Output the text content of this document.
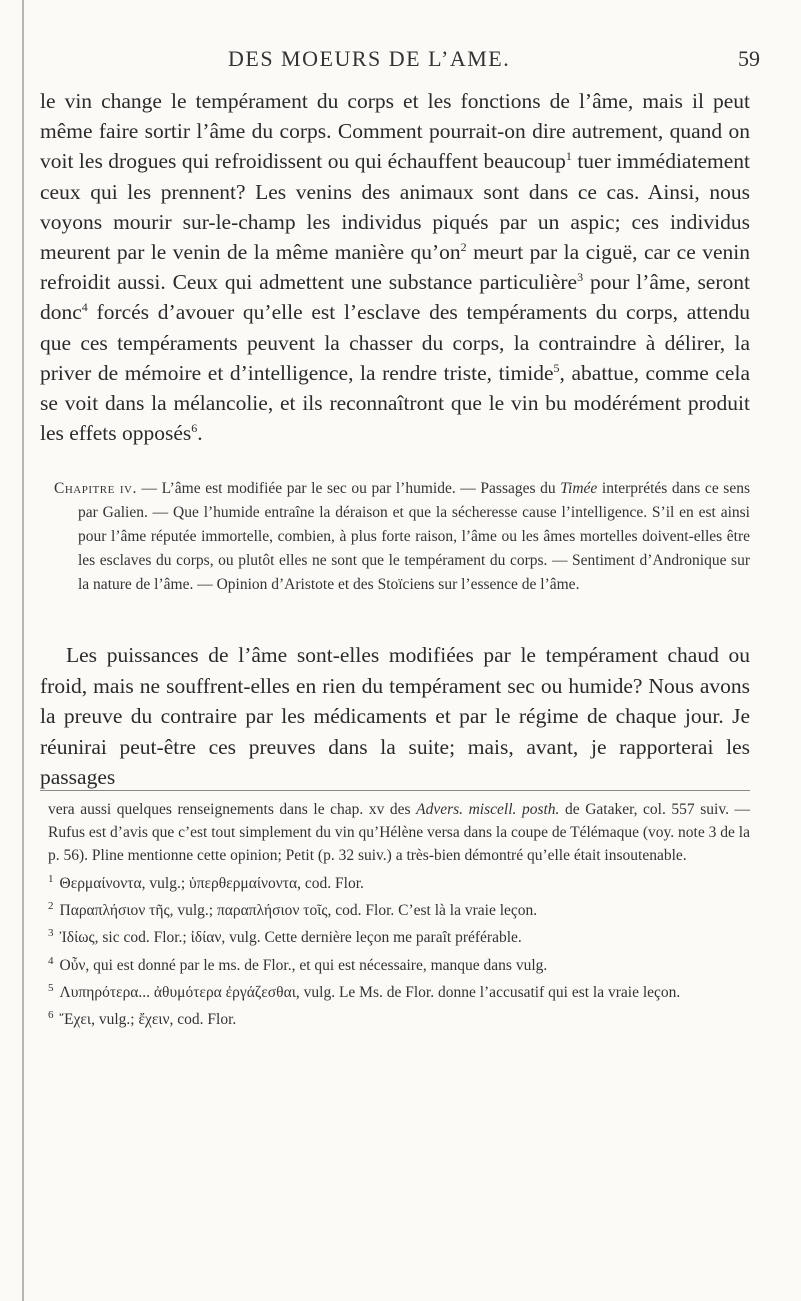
DES MOEURS DE L’AME.	59

le vin change le tempérament du corps et les fonctions de l’âme, mais il peut même faire sortir l’âme du corps. Comment pourrait-on dire autrement, quand on voit les drogues qui refroidissent ou qui échauffent beaucoup$^1$ tuer immédiatement ceux qui les prennent? Les venins des animaux sont dans ce cas. Ainsi, nous voyons mourir sur-le-champ les individus piqués par un aspic; ces individus meurent par le venin de la même manière $qu’on^2$ meurt par la ciguë, car ce venin refroidit aussi. Ceux qui admettent une substance particulière$^3$ pour l’âme, seront donc$^4$ forcés d’avouer qu’elle est l’esclave des tempéraments du corps, attendu que ces tempéraments peuvent la chasser du corps, la contraindre à délirer, la priver de mémoire et d’intelligence, la rendre triste, timide$^5$, abattue, comme cela se voit dans la mélancolie, et ils reconnaîtront que le vin bu modérément produit les effets opposés$^6$.

Chapitre iv. — L’âme est modifiée par le sec ou par l’humide. — Passages du Timée interprétés dans ce sens par Galien. — Que l’humide entraîne la déraison et que la sécheresse cause l’intelligence. S’il en est ainsi pour l’âme réputée immortelle, combien, à plus forte raison, l’âme ou les âmes mortelles doivent-elles être les esclaves du corps, ou plutôt elles ne sont que le tempérament du corps. — Sentiment d’Andronique sur la nature de l’âme. — Opinion d’Aristote et des Stoïciens sur l’essence de l’âme.

Les puissances de l’âme sont-elles modifiées par le tempérament chaud ou froid, mais ne souffrent-elles en rien du tempérament sec ou humide? Nous avons la preuve du contraire par les médicaments et par le régime de chaque jour. Je réunirai peut-être ces preuves dans la suite; mais, avant, je rapporterai les passages

vera aussi quelques renseignements dans le chap. xv des Advers. miscell. posth. de Gataker, col. 557 suiv. — Rufus est d’avis que c’est tout simplement du vin qu’Hélène versa dans la coupe de Télémaque (voy. note 3 de la p. 56). Pline mentionne cette opinion; Petit (p. 32 suiv.) a très-bien démontré qu’elle était insoutenable.

$^1$ Θερμαίνοντα, vulg.; ὑπερθερμαίνοντα, cod. Flor.

$^2$ Παραπλήσιον τῆς, vulg.; παραπλήσιον τοῖς, cod. Flor. C’est là la vraie leçon.

$^3$ Ἰδίως, sic cod. Flor.; ἰδίαν, vulg. Cette dernière leçon me paraît préférable.

$^4$ Οὖν, qui est donné par le ms. de Flor., et qui est nécessaire, manque dans vulg.

$^5$ Λυπηρότερα... ἀθυμότερα ἐργάζεσθαι, vulg. Le Ms. de Flor. donne l’accusatif qui est la vraie leçon.

$^6$ Ἔχει, vulg.; ἔχειν, cod. Flor.
